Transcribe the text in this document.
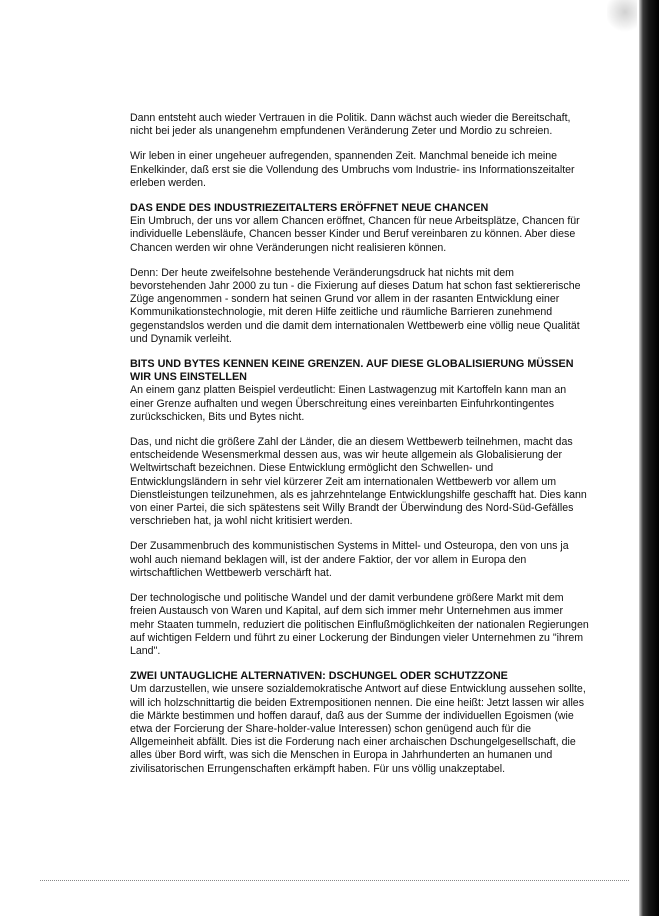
Dann entsteht auch wieder Vertrauen in die Politik. Dann wächst auch wieder die Bereitschaft, nicht bei jeder als unangenehm empfundenen Veränderung Zeter und Mordio zu schreien.

Wir leben in einer ungeheuer aufregenden, spannenden Zeit. Manchmal beneide ich meine Enkelkinder, daß erst sie die Vollendung des Umbruchs vom Industrie- ins Informationszeitalter erleben werden.

DAS ENDE DES INDUSTRIEZEITALTERS ERÖFFNET NEUE CHANCEN

Ein Umbruch, der uns vor allem Chancen eröffnet, Chancen für neue Arbeitsplätze, Chancen für individuelle Lebensläufe, Chancen besser Kinder und Beruf vereinbaren zu können. Aber diese Chancen werden wir ohne Veränderungen nicht realisieren können.

Denn: Der heute zweifelsohne bestehende Veränderungsdruck hat nichts mit dem bevorstehenden Jahr 2000 zu tun - die Fixierung auf dieses Datum hat schon fast sektiererische Züge angenommen - sondern hat seinen Grund vor allem in der rasanten Entwicklung einer Kommunikationstechnologie, mit deren Hilfe zeitliche und räumliche Barrieren zunehmend gegenstandslos werden und die damit dem internationalen Wettbewerb eine völlig neue Qualität und Dynamik verleiht.

BITS UND BYTES KENNEN KEINE GRENZEN. AUF DIESE GLOBALISIERUNG MÜSSEN WIR UNS EINSTELLEN

An einem ganz platten Beispiel verdeutlicht: Einen Lastwagenzug mit Kartoffeln kann man an einer Grenze aufhalten und wegen Überschreitung eines vereinbarten Einfuhrkontingentes zurückschicken, Bits und Bytes nicht.

Das, und nicht die größere Zahl der Länder, die an diesem Wettbewerb teilnehmen, macht das entscheidende Wesensmerkmal dessen aus, was wir heute allgemein als Globalisierung der Weltwirtschaft bezeichnen. Diese Entwicklung ermöglicht den Schwellen- und Entwicklungsländern in sehr viel kürzerer Zeit am internationalen Wettbewerb vor allem um Dienstleistungen teilzunehmen, als es jahrzehntelange Entwicklungshilfe geschafft hat. Dies kann von einer Partei, die sich spätestens seit Willy Brandt der Überwindung des Nord-Süd-Gefälles verschrieben hat, ja wohl nicht kritisiert werden.

Der Zusammenbruch des kommunistischen Systems in Mittel- und Osteuropa, den von uns ja wohl auch niemand beklagen will, ist der andere Faktior, der vor allem in Europa den wirtschaftlichen Wettbewerb verschärft hat.

Der technologische und politische Wandel und der damit verbundene größere Markt mit dem freien Austausch von Waren und Kapital, auf dem sich immer mehr Unternehmen aus immer mehr Staaten tummeln, reduziert die politischen Einflußmöglichkeiten der nationalen Regierungen auf wichtigen Feldern und führt zu einer Lockerung der Bindungen vieler Unternehmen zu "ihrem Land".

ZWEI UNTAUGLICHE ALTERNATIVEN: DSCHUNGEL ODER SCHUTZZONE

Um darzustellen, wie unsere sozialdemokratische Antwort auf diese Entwicklung aussehen sollte, will ich holzschnittartig die beiden Extrempositionen nennen. Die eine heißt: Jetzt lassen wir alles die Märkte bestimmen und hoffen darauf, daß aus der Summe der individuellen Egoismen (wie etwa der Forcierung der Share-holder-value Interessen) schon genügend auch für die Allgemeinheit abfällt. Dies ist die Forderung nach einer archaischen Dschungelgesellschaft, die alles über Bord wirft, was sich die Menschen in Europa in Jahrhunderten an humanen und zivilisatorischen Errungenschaften erkämpft haben. Für uns völlig unakzeptabel.
